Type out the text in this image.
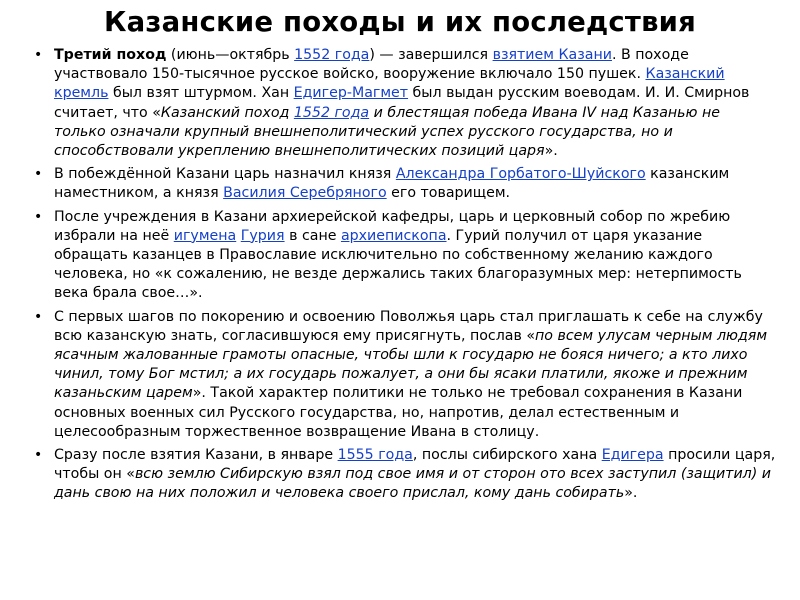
Казанские походы и их последствия
• Третий поход (июнь—октябрь 1552 года) — завершился взятием Казани. В походе участвовало 150-тысячное русское войско, вооружение включало 150 пушек. Казанский кремль был взят штурмом. Хан Едигер-Магмет был выдан русским воеводам. И. И. Смирнов считает, что «Казанский поход 1552 года и блестящая победа Ивана IV над Казанью не только означали крупный внешнеполитический успех русского государства, но и способствовали укреплению внешнеполитических позиций царя».
• В побеждённой Казани царь назначил князя Александра Горбатого-Шуйского казанским наместником, а князя Василия Серебряного его товарищем.
• После учреждения в Казани архиерейской кафедры, царь и церковный собор по жребию избрали на неё игумена Гурия в сане архиепископа. Гурий получил от царя указание обращать казанцев в Православие исключительно по собственному желанию каждого человека, но «к сожалению, не везде держались таких благоразумных мер: нетерпимость века брала свое…».
• С первых шагов по покорению и освоению Поволжья царь стал приглашать к себе на службу всю казанскую знать, согласившуюся ему присягнуть, послав «по всем улусам черным людям ясачным жалованные грамоты опасные, чтобы шли к государю не бояся ничего; а кто лихо чинил, тому Бог мстил; а их государь пожалует, а они бы ясаки платили, якоже и прежним казаньским царем». Такой характер политики не только не требовал сохранения в Казани основных военных сил Русского государства, но, напротив, делал естественным и целесообразным торжественное возвращение Ивана в столицу.
• Сразу после взятия Казани, в январе 1555 года, послы сибирского хана Едигера просили царя, чтобы он «всю землю Сибирскую взял под свое имя и от сторон ото всех заступил (защитил) и дань свою на них положил и человека своего прислал, кому дань собирать».
